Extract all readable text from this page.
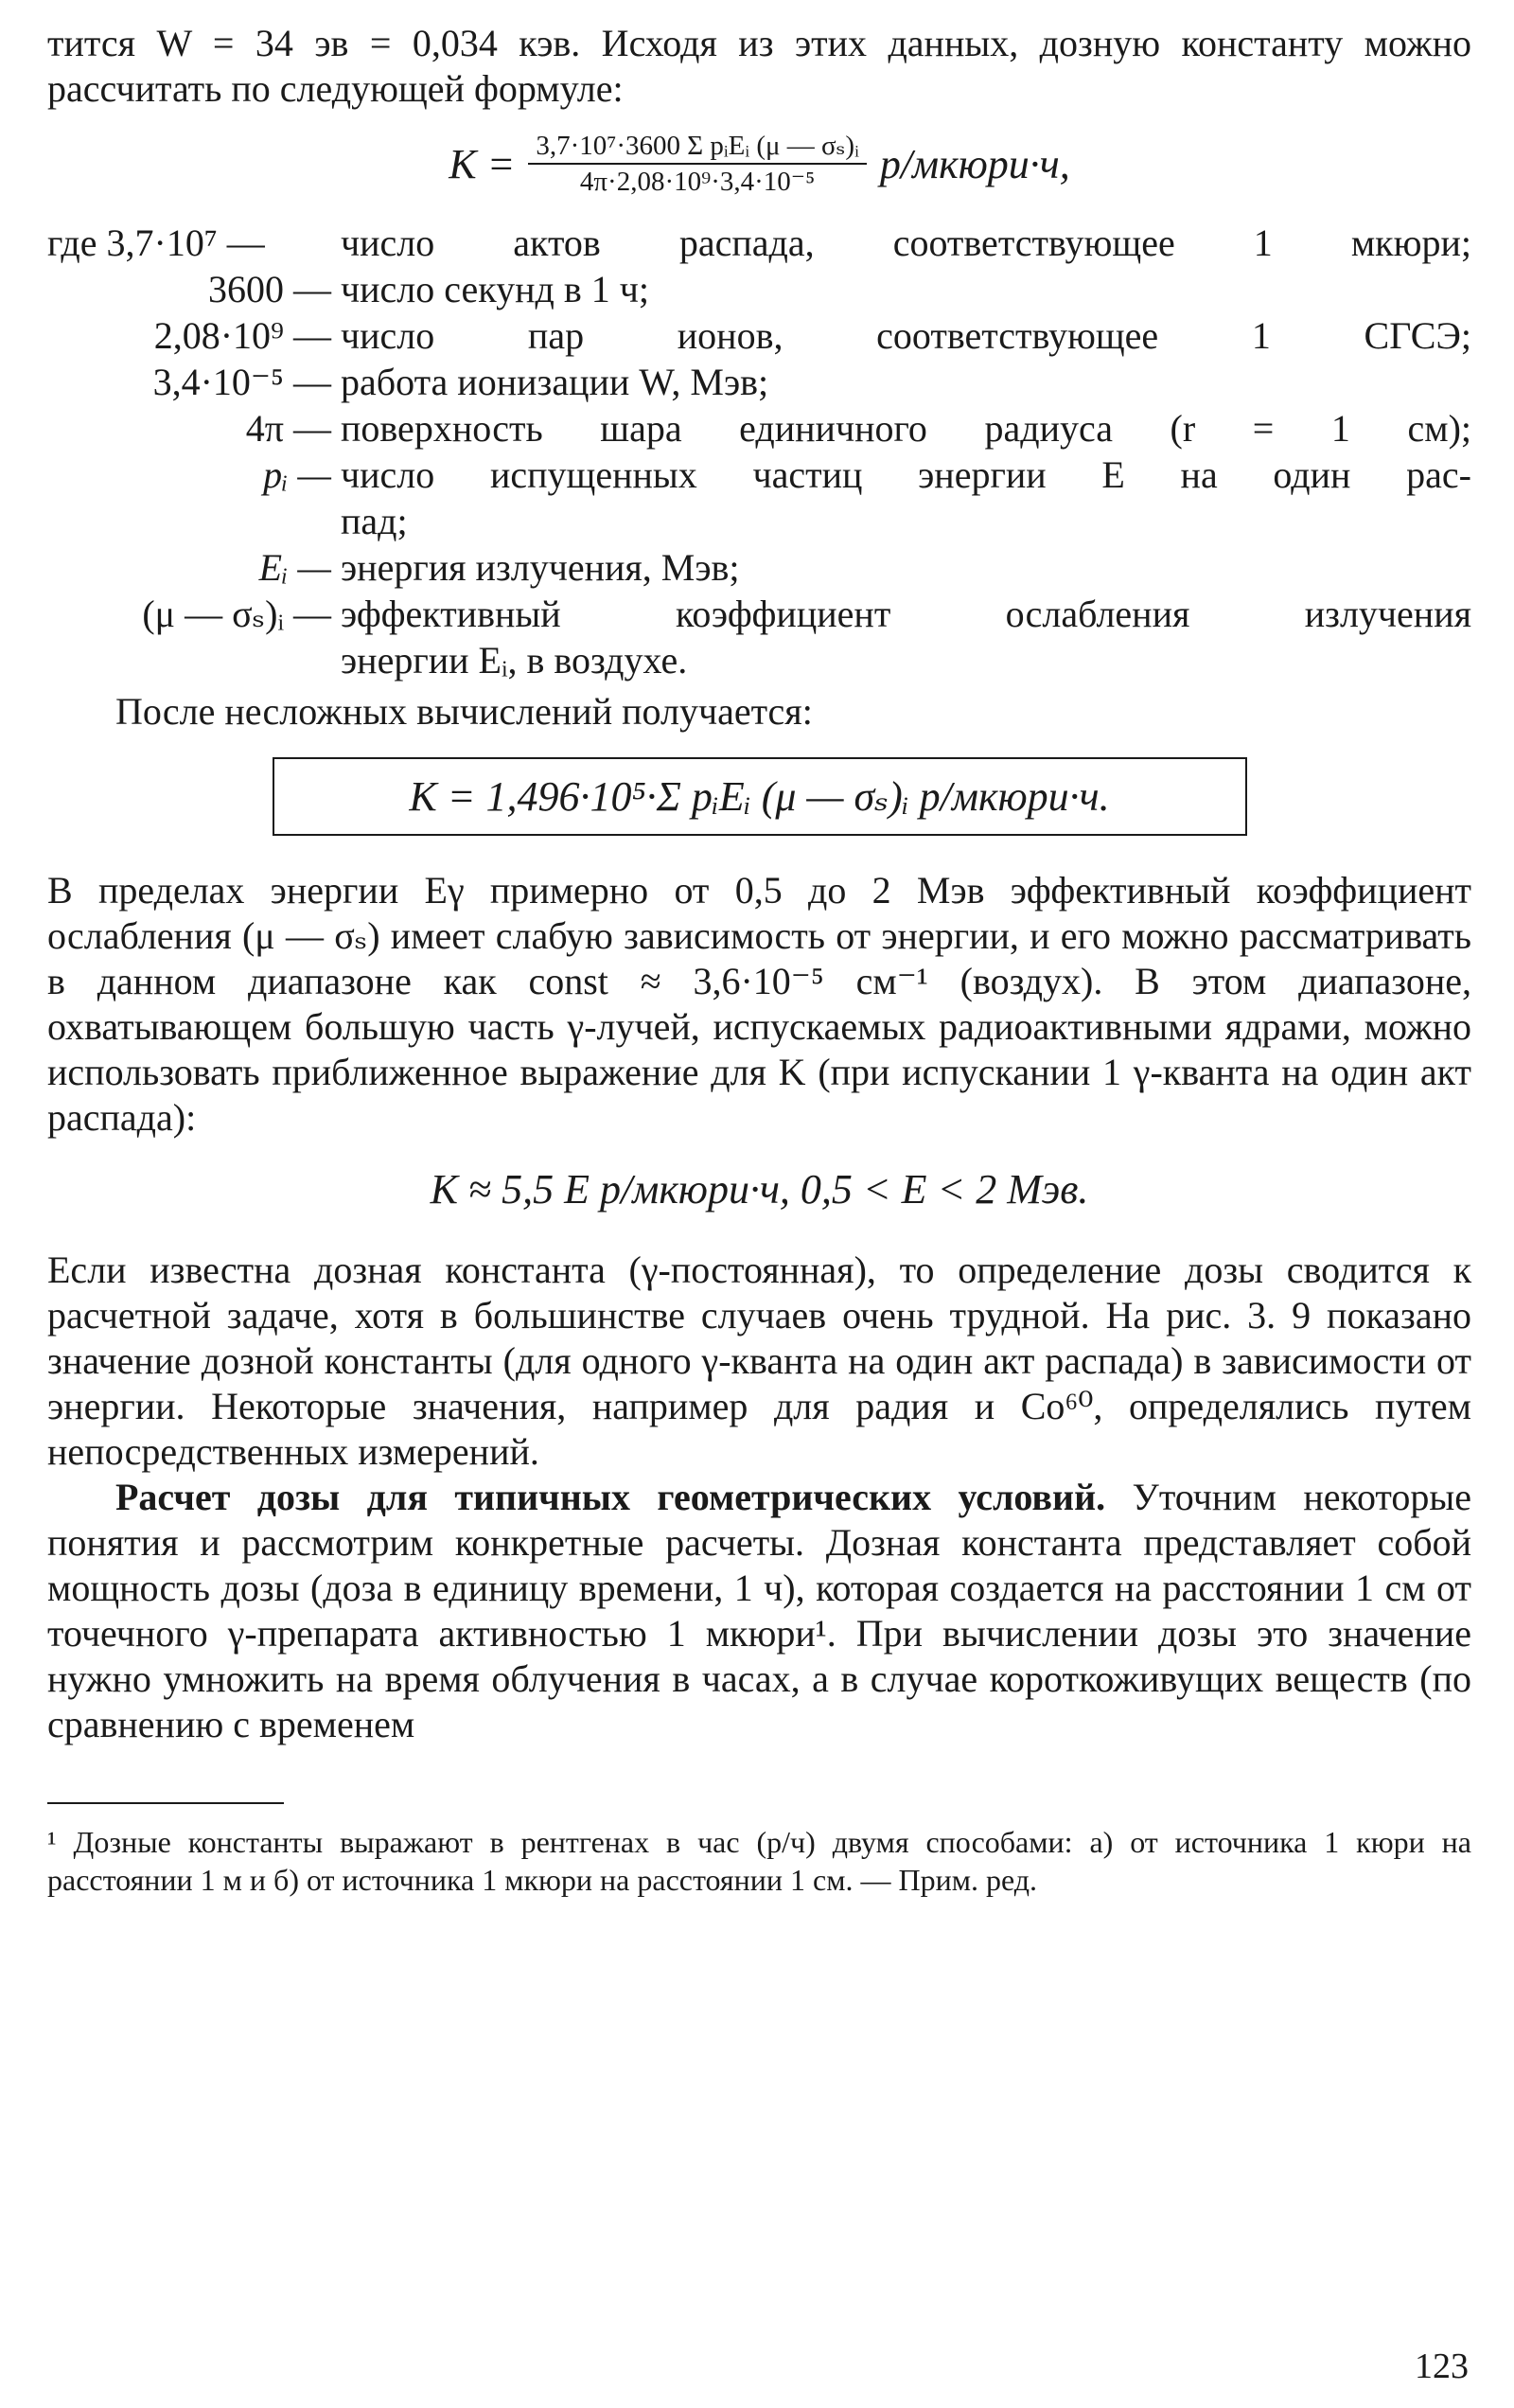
тится W = 34 эв = 0,034 кэв. Исходя из этих данных, дозную константу можно рассчитать по следующей формуле:

$K = \frac{\text{3,7·10⁷·3600 Σ pᵢEᵢ (μ — σₛ)ᵢ}}{\text{4π·2,08·10⁹·3,4·10⁻⁵}}$ р/мкюри·ч,
где 3,7·10⁷ —	число актов распада, соответствующее 1 мкюри;
3600 — число секунд в 1 ч;
2,08·10⁹ — число пар ионов, соответствующее 1 СГСЭ;
3,4·10⁻⁵ — работа ионизации W, Мэв;
4π — поверхность шара единичного радиуса (r = 1 см);
pᵢ — число испущенных частиц энергии E на один рас-
пад;
Eᵢ — энергия излучения, Мэв;
(μ — σₛ)ᵢ — эффективный коэффициент ослабления излучения
энергии Eᵢ, в воздухе.

После несложных вычислений получается:

K = 1,496·10⁵·Σ pᵢEᵢ (μ — σₛ)ᵢ р/мкюри·ч.

В пределах энергии Eγ примерно от 0,5 до 2 Мэв эффективный коэффициент ослабления (μ — σₛ) имеет слабую зависимость от энергии, и его можно рассматривать в данном диапазоне как const ≈ 3,6·10⁻⁵ см⁻¹ (воздух). В этом диапазоне, охватывающем большую часть γ-лучей, испускаемых радиоактивными ядрами, можно использовать приближенное выражение для K (при испускании 1 γ-кванта на один акт распада):

K ≈ 5,5 E р/мкюри·ч, 0,5 < E < 2 Мэв.

Если известна дозная константа (γ-постоянная), то определение дозы сводится к расчетной задаче, хотя в большинстве случаев очень трудной. На рис. 3. 9 показано значение дозной константы (для одного γ-кванта на один акт распада) в зависимости от энергии. Некоторые значения, например для радия и Co⁶⁰, определялись путем непосредственных измерений.

Расчет дозы для типичных геометрических условий. Уточним некоторые понятия и рассмотрим конкретные расчеты. Дозная константа представляет собой мощность дозы (доза в единицу времени, 1 ч), которая создается на расстоянии 1 см от точечного γ-препарата активностью 1 мкюри¹. При вычислении дозы это значение нужно умножить на время облучения в часах, а в случае короткоживущих веществ (по сравнению с временем

¹ Дозные константы выражают в рентгенах в час (р/ч) двумя способами: а) от источника 1 кюри на расстоянии 1 м и б) от источника 1 мкюри на расстоянии 1 см. — Прим. ред.

123
